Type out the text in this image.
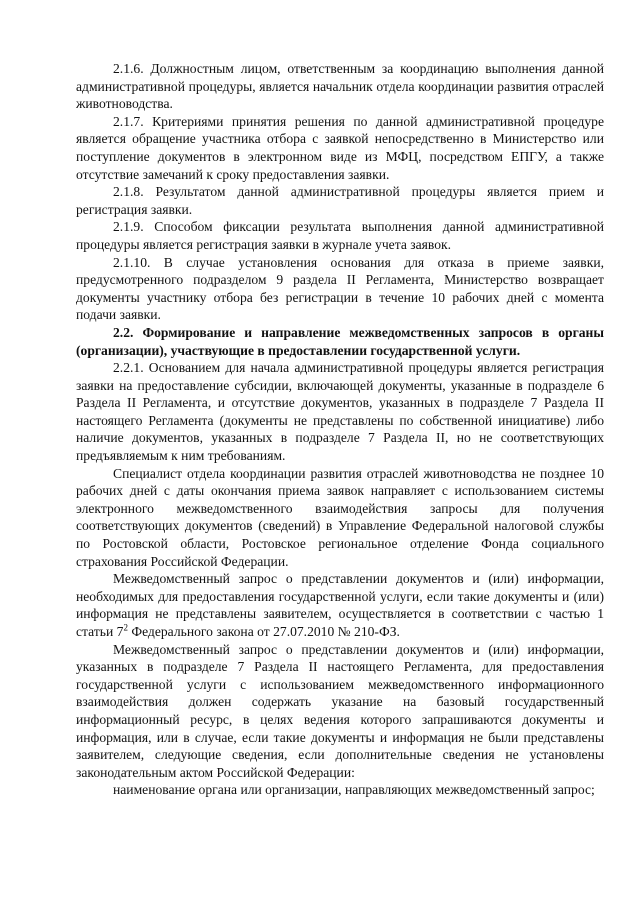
2.1.6. Должностным лицом, ответственным за координацию выполнения данной административной процедуры, является начальник отдела координации развития отраслей животноводства.

2.1.7. Критериями принятия решения по данной административной процедуре является обращение участника отбора с заявкой непосредственно в Министерство или поступление документов в электронном виде из МФЦ, посредством ЕПГУ, а также отсутствие замечаний к сроку предоставления заявки.

2.1.8. Результатом данной административной процедуры является прием и регистрация заявки.

2.1.9. Способом фиксации результата выполнения данной административной процедуры является регистрация заявки в журнале учета заявок.

2.1.10. В случае установления основания для отказа в приеме заявки, предусмотренного подразделом 9 раздела II Регламента, Министерство возвращает документы участнику отбора без регистрации в течение 10 рабочих дней с момента подачи заявки.

2.2. Формирование и направление межведомственных запросов в органы (организации), участвующие в предоставлении государственной услуги.

2.2.1. Основанием для начала административной процедуры является регистрация заявки на предоставление субсидии, включающей документы, указанные в подразделе 6 Раздела II Регламента, и отсутствие документов, указанных в подразделе 7 Раздела II настоящего Регламента (документы не представлены по собственной инициативе) либо наличие документов, указанных в подразделе 7 Раздела II, но не соответствующих предъявляемым к ним требованиям.

Специалист отдела координации развития отраслей животноводства не позднее 10 рабочих дней с даты окончания приема заявок направляет с использованием системы электронного межведомственного взаимодействия запросы для получения соответствующих документов (сведений) в Управление Федеральной налоговой службы по Ростовской области, Ростовское региональное отделение Фонда социального страхования Российской Федерации.

Межведомственный запрос о представлении документов и (или) информации, необходимых для предоставления государственной услуги, если такие документы и (или) информация не представлены заявителем, осуществляется в соответствии с частью 1 статьи $7^2$ Федерального закона от 27.07.2010 № 210-ФЗ.

Межведомственный запрос о представлении документов и (или) информации, указанных в подразделе 7 Раздела II настоящего Регламента, для предоставления государственной услуги с использованием межведомственного информационного взаимодействия должен содержать указание на базовый государственный информационный ресурс, в целях ведения которого запрашиваются документы и информация, или в случае, если такие документы и информация не были представлены заявителем, следующие сведения, если дополнительные сведения не установлены законодательным актом Российской Федерации:

наименование органа или организации, направляющих межведомственный запрос;
